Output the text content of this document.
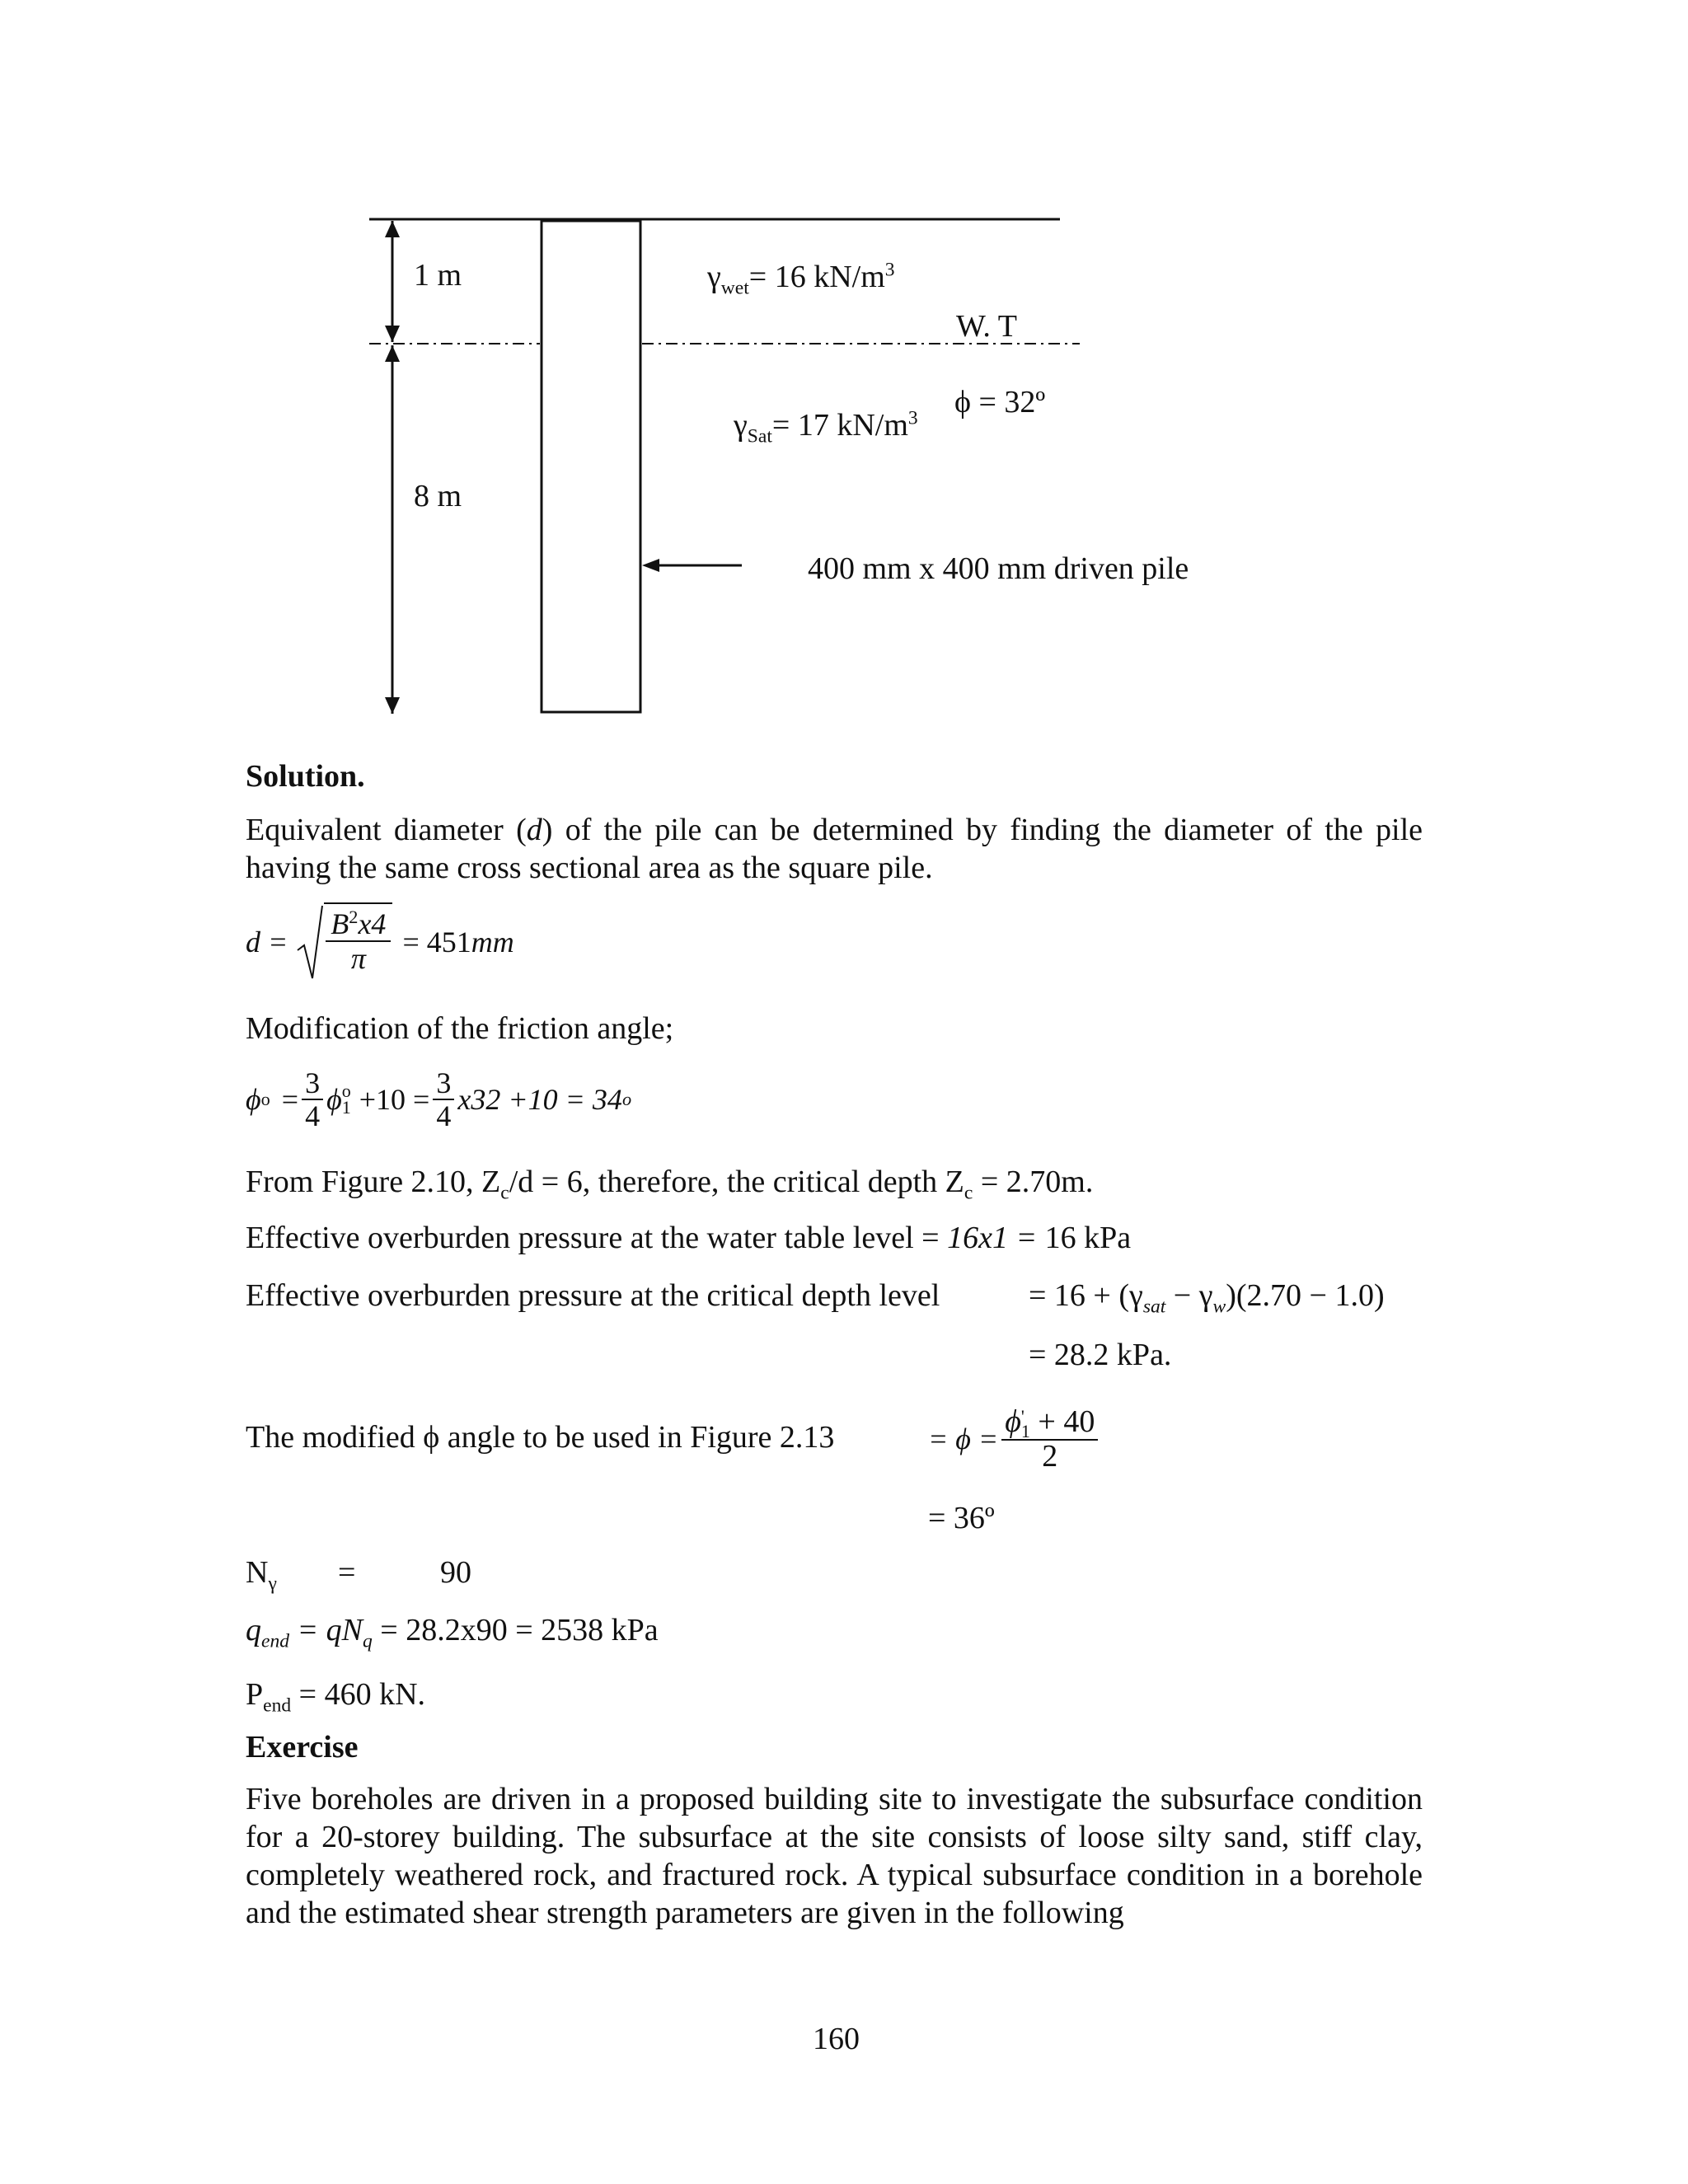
1 m
8 m
$\gamma_{wet}= 16$ $kN/m^3$
W. T
ϕ = 32º
$\gamma_{Sat}= 17$ $kN/m^3$
400 mm x 400 mm driven pile
Solution.
Equivalent diameter (d) of the pile can be determined by finding the diameter of the pile having the same cross sectional area as the square pile.
$d = \frac{B^2x4}{\pi} = 451$ mm
Modification of the friction angle;
ϕ $o = \frac{3}{4}$ ϕ o
$1 +10 = \frac{3}{4} x32 +10 = 34$ o
From Figure 2.10, $Z_c/d = 6$, therefore, the critical depth $Z_c = 2.70m$.
Effective overburden pressure at the water table level = 16x1 = 16 kPa
Effective overburden pressure at the critical depth level	= $16 + (\gamma_{sat} - \gamma_w)(2.70 - 1.0)$
= 28.2 kPa.
The modified ϕ angle to be used in Figure 2.13	= ϕ = ϕ '
1 + 40
2
= 36º
$N_\gamma$ =	90
$q_{end} = qN_q = 28.2x90 = 2538$ kPa
$P_{end} = 460$ kN.
Exercise
Five boreholes are driven in a proposed building site to investigate the subsurface condition for a 20-storey building. The subsurface at the site consists of loose silty sand, stiff clay, completely weathered rock, and fractured rock. A typical subsurface condition in a borehole and the estimated shear strength parameters are given in the following
160
